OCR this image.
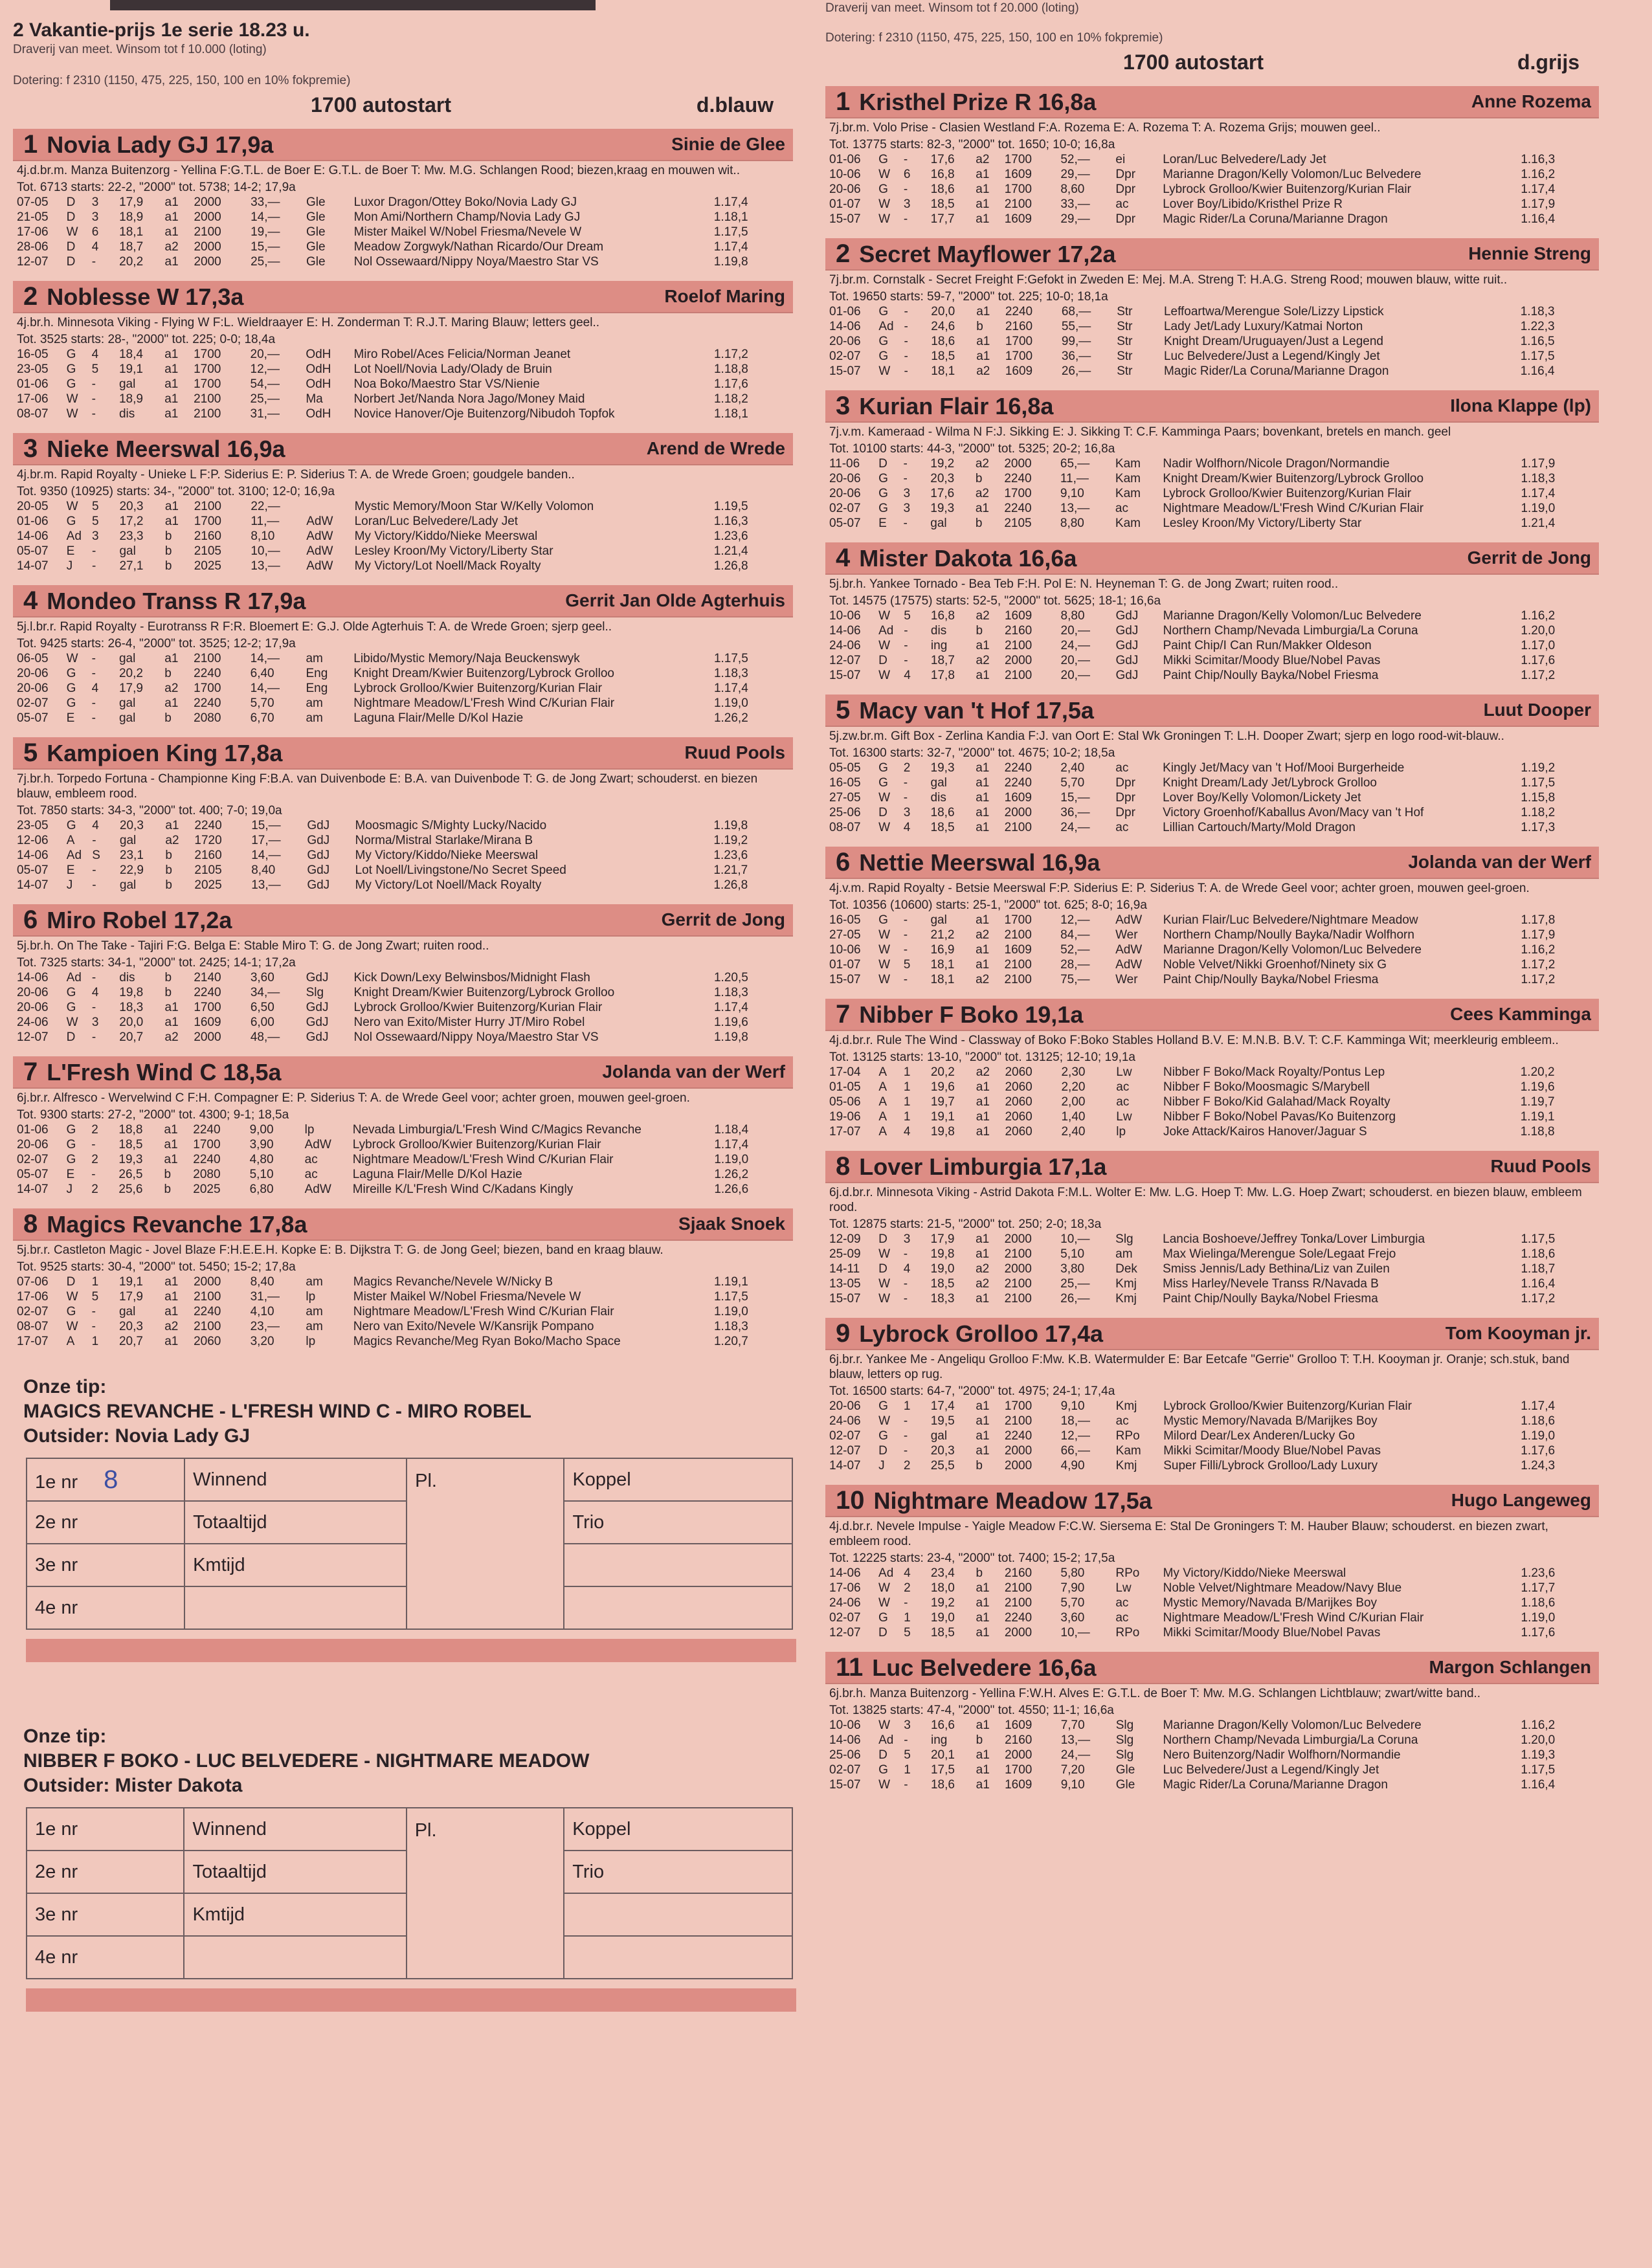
2 Vakantie-prijs 1e serie 18.23 u.
Draverij van meet. Winsom tot f 10.000 (loting)
Dotering: f 2310 (1150, 475, 225, 150, 100 en 10% fokpremie)
1700 autostart	d.blauw
1 Novia Lady GJ 17,9a	Sinie de Glee
4j.d.br.m. Manza Buitenzorg - Yellina F:G.T.L. de Boer E: G.T.L. de Boer T: Mw. M.G. Schlangen Rood; biezen,kraag en mouwen wit..
Tot. 6713 starts: 22-2, "2000" tot. 5738; 14-2; 17,9a
07-05	D	3	17,9	a1	2000	33,—	Gle	Luxor Dragon/Ottey Boko/Novia Lady GJ	1.17,4
21-05	D	3	18,9	a1	2000	14,—	Gle	Mon Ami/Northern Champ/Novia Lady GJ	1.18,1
17-06	W	6	18,1	a1	2100	19,—	Gle	Mister Maikel W/Nobel Friesma/Nevele W	1.17,5
28-06	D	4	18,7	a2	2000	15,—	Gle	Meadow Zorgwyk/Nathan Ricardo/Our Dream	1.17,4
12-07	D	-	20,2	a1	2000	25,—	Gle	Nol Ossewaard/Nippy Noya/Maestro Star VS	1.19,8
2 Noblesse W 17,3a	Roelof Maring
4j.br.h. Minnesota Viking - Flying W F:L. Wieldraayer E: H. Zonderman T: R.J.T. Maring Blauw; letters geel..
Tot. 3525 starts: 28-, "2000" tot. 225; 0-0; 18,4a
16-05	G	4	18,4	a1	1700	20,—	OdH	Miro Robel/Aces Felicia/Norman Jeanet	1.17,2
23-05	G	5	19,1	a1	1700	12,—	OdH	Lot Noell/Novia Lady/Olady de Bruin	1.18,8
01-06	G	-	gal	a1	1700	54,—	OdH	Noa Boko/Maestro Star VS/Nienie	1.17,6
17-06	W	-	18,9	a1	2100	25,—	Ma	Norbert Jet/Nanda Nora Jago/Money Maid	1.18,2
08-07	W	-	dis	a1	2100	31,—	OdH	Novice Hanover/Oje Buitenzorg/Nibudoh Topfok	1.18,1
3 Nieke Meerswal 16,9a	Arend de Wrede
4j.br.m. Rapid Royalty - Unieke L F:P. Siderius E: P. Siderius T: A. de Wrede Groen; goudgele banden..
Tot. 9350 (10925) starts: 34-, "2000" tot. 3100; 12-0; 16,9a
20-05	W	5	20,3	a1	2100	22,—		Mystic Memory/Moon Star W/Kelly Volomon	1.19,5
01-06	G	5	17,2	a1	1700	11,—	AdW	Loran/Luc Belvedere/Lady Jet	1.16,3
14-06	Ad	3	23,3	b	2160	8,10	AdW	My Victory/Kiddo/Nieke Meerswal	1.23,6
05-07	E	-	gal	b	2105	10,—	AdW	Lesley Kroon/My Victory/Liberty Star	1.21,4
14-07	J	-	27,1	b	2025	13,—	AdW	My Victory/Lot Noell/Mack Royalty	1.26,8
4 Mondeo Transs R 17,9a	Gerrit Jan Olde Agterhuis
5j.l.br.r. Rapid Royalty - Eurotranss R F:R. Bloemert E: G.J. Olde Agterhuis T: A. de Wrede Groen; sjerp geel..
Tot. 9425 starts: 26-4, "2000" tot. 3525; 12-2; 17,9a
06-05	W	-	gal	a1	2100	14,—	am	Libido/Mystic Memory/Naja Beuckenswyk	1.17,5
20-06	G	-	20,2	b	2240	6,40	Eng	Knight Dream/Kwier Buitenzorg/Lybrock Grolloo	1.18,3
20-06	G	4	17,9	a2	1700	14,—	Eng	Lybrock Grolloo/Kwier Buitenzorg/Kurian Flair	1.17,4
02-07	G	-	gal	a1	2240	5,70	am	Nightmare Meadow/L'Fresh Wind C/Kurian Flair	1.19,0
05-07	E	-	gal	b	2080	6,70	am	Laguna Flair/Melle D/Kol Hazie	1.26,2
5 Kampioen King 17,8a	Ruud Pools
7j.br.h. Torpedo Fortuna - Championne King F:B.A. van Duivenbode E: B.A. van Duivenbode T: G. de Jong Zwart; schouderst. en biezen blauw, embleem rood.
Tot. 7850 starts: 34-3, "2000" tot. 400; 7-0; 19,0a
23-05	G	4	20,3	a1	2240	15,—	GdJ	Moosmagic S/Mighty Lucky/Nacido	1.19,8
12-06	A	-	gal	a2	1720	17,—	GdJ	Norma/Mistral Starlake/Mirana B	1.19,2
14-06	Ad	S	23,1	b	2160	14,—	GdJ	My Victory/Kiddo/Nieke Meerswal	1.23,6
05-07	E	-	22,9	b	2105	8,40	GdJ	Lot Noell/Livingstone/No Secret Speed	1.21,7
14-07	J	-	gal	b	2025	13,—	GdJ	My Victory/Lot Noell/Mack Royalty	1.26,8
6 Miro Robel 17,2a	Gerrit de Jong
5j.br.h. On The Take - Tajiri F:G. Belga E: Stable Miro T: G. de Jong Zwart; ruiten rood..
Tot. 7325 starts: 34-1, "2000" tot. 2425; 14-1; 17,2a
14-06	Ad	-	dis	b	2140	3,60	GdJ	Kick Down/Lexy Belwinsbos/Midnight Flash	1.20,5
20-06	G	4	19,8	b	2240	34,—	Slg	Knight Dream/Kwier Buitenzorg/Lybrock Grolloo	1.18,3
20-06	G	-	18,3	a1	1700	6,50	GdJ	Lybrock Grolloo/Kwier Buitenzorg/Kurian Flair	1.17,4
24-06	W	3	20,0	a1	1609	6,00	GdJ	Nero van Exito/Mister Hurry JT/Miro Robel	1.19,6
12-07	D	-	20,7	a2	2000	48,—	GdJ	Nol Ossewaard/Nippy Noya/Maestro Star VS	1.19,8
7 L'Fresh Wind C 18,5a	Jolanda van der Werf
6j.br.r. Alfresco - Wervelwind C F:H. Compagner E: P. Siderius T: A. de Wrede Geel voor; achter groen, mouwen geel-groen.
Tot. 9300 starts: 27-2, "2000" tot. 4300; 9-1; 18,5a
01-06	G	2	18,8	a1	2240	9,00	lp	Nevada Limburgia/L'Fresh Wind C/Magics Revanche	1.18,4
20-06	G	-	18,5	a1	1700	3,90	AdW	Lybrock Grolloo/Kwier Buitenzorg/Kurian Flair	1.17,4
02-07	G	2	19,3	a1	2240	4,80	ac	Nightmare Meadow/L'Fresh Wind C/Kurian Flair	1.19,0
05-07	E	-	26,5	b	2080	5,10	ac	Laguna Flair/Melle D/Kol Hazie	1.26,2
14-07	J	2	25,6	b	2025	6,80	AdW	Mireille K/L'Fresh Wind C/Kadans Kingly	1.26,6
8 Magics Revanche 17,8a	Sjaak Snoek
5j.br.r. Castleton Magic - Jovel Blaze F:H.E.E.H. Kopke E: B. Dijkstra T: G. de Jong Geel; biezen, band en kraag blauw.
Tot. 9525 starts: 30-4, "2000" tot. 5450; 15-2; 17,8a
07-06	D	1	19,1	a1	2000	8,40	am	Magics Revanche/Nevele W/Nicky B	1.19,1
17-06	W	5	17,9	a1	2100	31,—	lp	Mister Maikel W/Nobel Friesma/Nevele W	1.17,5
02-07	G	-	gal	a1	2240	4,10	am	Nightmare Meadow/L'Fresh Wind C/Kurian Flair	1.19,0
08-07	W	-	20,3	a2	2100	23,—	am	Nero van Exito/Nevele W/Kansrijk Pompano	1.18,3
17-07	A	1	20,7	a1	2060	3,20	lp	Magics Revanche/Meg Ryan Boko/Macho Space	1.20,7
Onze tip:
MAGICS REVANCHE - L'FRESH WIND C - MIRO ROBEL
Outsider: Novia Lady GJ
1e nr 8	Winnend	Pl.	Koppel
2e nr	Totaaltijd		Trio
3e nr	Kmtijd		
4e nr			
Onze tip:
NIBBER F BOKO - LUC BELVEDERE - NIGHTMARE MEADOW
Outsider: Mister Dakota
1e nr	Winnend	Pl.	Koppel
2e nr	Totaaltijd		Trio
3e nr	Kmtijd		
4e nr			
Draverij van meet. Winsom tot f 20.000 (loting)
Dotering: f 2310 (1150, 475, 225, 150, 100 en 10% fokpremie)
1700 autostart	d.grijs
1 Kristhel Prize R 16,8a	Anne Rozema
7j.br.m. Volo Prise - Clasien Westland F:A. Rozema E: A. Rozema T: A. Rozema Grijs; mouwen geel..
Tot. 13775 starts: 82-3, "2000" tot. 1650; 10-0; 16,8a
01-06	G	-	17,6	a2	1700	52,—	ei	Loran/Luc Belvedere/Lady Jet	1.16,3
10-06	W	6	16,8	a1	1609	29,—	Dpr	Marianne Dragon/Kelly Volomon/Luc Belvedere	1.16,2
20-06	G	-	18,6	a1	1700	8,60	Dpr	Lybrock Grolloo/Kwier Buitenzorg/Kurian Flair	1.17,4
01-07	W	3	18,5	a1	2100	33,—	ac	Lover Boy/Libido/Kristhel Prize R	1.17,9
15-07	W	-	17,7	a1	1609	29,—	Dpr	Magic Rider/La Coruna/Marianne Dragon	1.16,4
2 Secret Mayflower 17,2a	Hennie Streng
7j.br.m. Cornstalk - Secret Freight F:Gefokt in Zweden E: Mej. M.A. Streng T: H.A.G. Streng Rood; mouwen blauw, witte ruit..
Tot. 19650 starts: 59-7, "2000" tot. 225; 10-0; 18,1a
01-06	G	-	20,0	a1	2240	68,—	Str	Leffoartwa/Merengue Sole/Lizzy Lipstick	1.18,3
14-06	Ad	-	24,6	b	2160	55,—	Str	Lady Jet/Lady Luxury/Katmai Norton	1.22,3
20-06	G	-	18,6	a1	1700	99,—	Str	Knight Dream/Uruguayen/Just a Legend	1.16,5
02-07	G	-	18,5	a1	1700	36,—	Str	Luc Belvedere/Just a Legend/Kingly Jet	1.17,5
15-07	W	-	18,1	a2	1609	26,—	Str	Magic Rider/La Coruna/Marianne Dragon	1.16,4
3 Kurian Flair 16,8a	Ilona Klappe (lp)
7j.v.m. Kameraad - Wilma N F:J. Sikking E: J. Sikking T: C.F. Kamminga Paars; bovenkant, bretels en manch. geel
Tot. 10100 starts: 44-3, "2000" tot. 5325; 20-2; 16,8a
11-06	D	-	19,2	a2	2000	65,—	Kam	Nadir Wolfhorn/Nicole Dragon/Normandie	1.17,9
20-06	G	-	20,3	b	2240	11,—	Kam	Knight Dream/Kwier Buitenzorg/Lybrock Grolloo	1.18,3
20-06	G	3	17,6	a2	1700	9,10	Kam	Lybrock Grolloo/Kwier Buitenzorg/Kurian Flair	1.17,4
02-07	G	3	19,3	a1	2240	13,—	ac	Nightmare Meadow/L'Fresh Wind C/Kurian Flair	1.19,0
05-07	E	-	gal	b	2105	8,80	Kam	Lesley Kroon/My Victory/Liberty Star	1.21,4
4 Mister Dakota 16,6a	Gerrit de Jong
5j.br.h. Yankee Tornado - Bea Teb F:H. Pol E: N. Heyneman T: G. de Jong Zwart; ruiten rood..
Tot. 14575 (17575) starts: 52-5, "2000" tot. 5625; 18-1; 16,6a
10-06	W	5	16,8	a2	1609	8,80	GdJ	Marianne Dragon/Kelly Volomon/Luc Belvedere	1.16,2
14-06	Ad	-	dis	b	2160	20,—	GdJ	Northern Champ/Nevada Limburgia/La Coruna	1.20,0
24-06	W	-	ing	a1	2100	24,—	GdJ	Paint Chip/I Can Run/Makker Oldeson	1.17,0
12-07	D	-	18,7	a2	2000	20,—	GdJ	Mikki Scimitar/Moody Blue/Nobel Pavas	1.17,6
15-07	W	4	17,8	a1	2100	20,—	GdJ	Paint Chip/Noully Bayka/Nobel Friesma	1.17,2
5 Macy van 't Hof 17,5a	Luut Dooper
5j.zw.br.m. Gift Box - Zerlina Kandia F:J. van Oort E: Stal Wk Groningen T: L.H. Dooper Zwart; sjerp en logo rood-wit-blauw..
Tot. 16300 starts: 32-7, "2000" tot. 4675; 10-2; 18,5a
05-05	G	2	19,3	a1	2240	2,40	ac	Kingly Jet/Macy van 't Hof/Mooi Burgerheide	1.19,2
16-05	G	-	gal	a1	2240	5,70	Dpr	Knight Dream/Lady Jet/Lybrock Grolloo	1.17,5
27-05	W	-	dis	a1	1609	15,—	Dpr	Lover Boy/Kelly Volomon/Lickety Jet	1.15,8
25-06	D	3	18,6	a1	2000	36,—	Dpr	Victory Groenhof/Kaballus Avon/Macy van 't Hof	1.18,2
08-07	W	4	18,5	a1	2100	24,—	ac	Lillian Cartouch/Marty/Mold Dragon	1.17,3
6 Nettie Meerswal 16,9a	Jolanda van der Werf
4j.v.m. Rapid Royalty - Betsie Meerswal F:P. Siderius E: P. Siderius T: A. de Wrede Geel voor; achter groen, mouwen geel-groen.
Tot. 10356 (10600) starts: 25-1, "2000" tot. 625; 8-0; 16,9a
16-05	G	-	gal	a1	1700	12,—	AdW	Kurian Flair/Luc Belvedere/Nightmare Meadow	1.17,8
27-05	W	-	21,2	a2	2100	84,—	Wer	Northern Champ/Noully Bayka/Nadir Wolfhorn	1.17,9
10-06	W	-	16,9	a1	1609	52,—	AdW	Marianne Dragon/Kelly Volomon/Luc Belvedere	1.16,2
01-07	W	5	18,1	a1	2100	28,—	AdW	Noble Velvet/Nikki Groenhof/Ninety six G	1.17,2
15-07	W	-	18,1	a2	2100	75,—	Wer	Paint Chip/Noully Bayka/Nobel Friesma	1.17,2
7 Nibber F Boko 19,1a	Cees Kamminga
4j.d.br.r. Rule The Wind - Classway of Boko F:Boko Stables Holland B.V. E: M.N.B. B.V. T: C.F. Kamminga Wit; meerkleurig embleem..
Tot. 13125 starts: 13-10, "2000" tot. 13125; 12-10; 19,1a
17-04	A	1	20,2	a2	2060	2,30	Lw	Nibber F Boko/Mack Royalty/Pontus Lep	1.20,2
01-05	A	1	19,6	a1	2060	2,20	ac	Nibber F Boko/Moosmagic S/Marybell	1.19,6
05-06	A	1	19,7	a1	2060	2,00	ac	Nibber F Boko/Kid Galahad/Mack Royalty	1.19,7
19-06	A	1	19,1	a1	2060	1,40	Lw	Nibber F Boko/Nobel Pavas/Ko Buitenzorg	1.19,1
17-07	A	4	19,8	a1	2060	2,40	lp	Joke Attack/Kairos Hanover/Jaguar S	1.18,8
8 Lover Limburgia 17,1a	Ruud Pools
6j.d.br.r. Minnesota Viking - Astrid Dakota F:M.L. Wolter E: Mw. L.G. Hoep T: Mw. L.G. Hoep Zwart; schouderst. en biezen blauw, embleem rood.
Tot. 12875 starts: 21-5, "2000" tot. 250; 2-0; 18,3a
12-09	D	3	17,9	a1	2000	10,—	Slg	Lancia Boshoeve/Jeffrey Tonka/Lover Limburgia	1.17,5
25-09	W	-	19,8	a1	2100	5,10	am	Max Wielinga/Merengue Sole/Legaat Frejo	1.18,6
14-11	D	4	19,0	a2	2000	3,80	Dek	Smiss Jennis/Lady Bethina/Liz van Zuilen	1.18,7
13-05	W	-	18,5	a2	2100	25,—	Kmj	Miss Harley/Nevele Transs R/Navada B	1.16,4
15-07	W	-	18,3	a1	2100	26,—	Kmj	Paint Chip/Noully Bayka/Nobel Friesma	1.17,2
9 Lybrock Grolloo 17,4a	Tom Kooyman jr.
6j.br.r. Yankee Me - Angeliqu Grolloo F:Mw. K.B. Watermulder E: Bar Eetcafe "Gerrie" Grolloo T: T.H. Kooyman jr. Oranje; sch.stuk, band blauw, letters op rug.
Tot. 16500 starts: 64-7, "2000" tot. 4975; 24-1; 17,4a
20-06	G	1	17,4	a1	1700	9,10	Kmj	Lybrock Grolloo/Kwier Buitenzorg/Kurian Flair	1.17,4
24-06	W	-	19,5	a1	2100	18,—	ac	Mystic Memory/Navada B/Marijkes Boy	1.18,6
02-07	G	-	gal	a1	2240	12,—	RPo	Milord Dear/Lex Anderen/Lucky Go	1.19,0
12-07	D	-	20,3	a1	2000	66,—	Kam	Mikki Scimitar/Moody Blue/Nobel Pavas	1.17,6
14-07	J	2	25,5	b	2000	4,90	Kmj	Super Filli/Lybrock Grolloo/Lady Luxury	1.24,3
10 Nightmare Meadow 17,5a	Hugo Langeweg
4j.d.br.r. Nevele Impulse - Yaigle Meadow F:C.W. Siersema E: Stal De Groningers T: M. Hauber Blauw; schouderst. en biezen zwart, embleem rood.
Tot. 12225 starts: 23-4, "2000" tot. 7400; 15-2; 17,5a
14-06	Ad	4	23,4	b	2160	5,80	RPo	My Victory/Kiddo/Nieke Meerswal	1.23,6
17-06	W	2	18,0	a1	2100	7,90	Lw	Noble Velvet/Nightmare Meadow/Navy Blue	1.17,7
24-06	W	-	19,2	a1	2100	5,70	ac	Mystic Memory/Navada B/Marijkes Boy	1.18,6
02-07	G	1	19,0	a1	2240	3,60	ac	Nightmare Meadow/L'Fresh Wind C/Kurian Flair	1.19,0
12-07	D	5	18,5	a1	2000	10,—	RPo	Mikki Scimitar/Moody Blue/Nobel Pavas	1.17,6
11 Luc Belvedere 16,6a	Margon Schlangen
6j.br.h. Manza Buitenzorg - Yellina F:W.H. Alves E: G.T.L. de Boer T: Mw. M.G. Schlangen Lichtblauw; zwart/witte band..
Tot. 13825 starts: 47-4, "2000" tot. 4550; 11-1; 16,6a
10-06	W	3	16,6	a1	1609	7,70	Slg	Marianne Dragon/Kelly Volomon/Luc Belvedere	1.16,2
14-06	Ad	-	ing	b	2160	13,—	Slg	Northern Champ/Nevada Limburgia/La Coruna	1.20,0
25-06	D	5	20,1	a1	2000	24,—	Slg	Nero Buitenzorg/Nadir Wolfhorn/Normandie	1.19,3
02-07	G	1	17,5	a1	1700	7,20	Gle	Luc Belvedere/Just a Legend/Kingly Jet	1.17,5
15-07	W	-	18,6	a1	1609	9,10	Gle	Magic Rider/La Coruna/Marianne Dragon	1.16,4
